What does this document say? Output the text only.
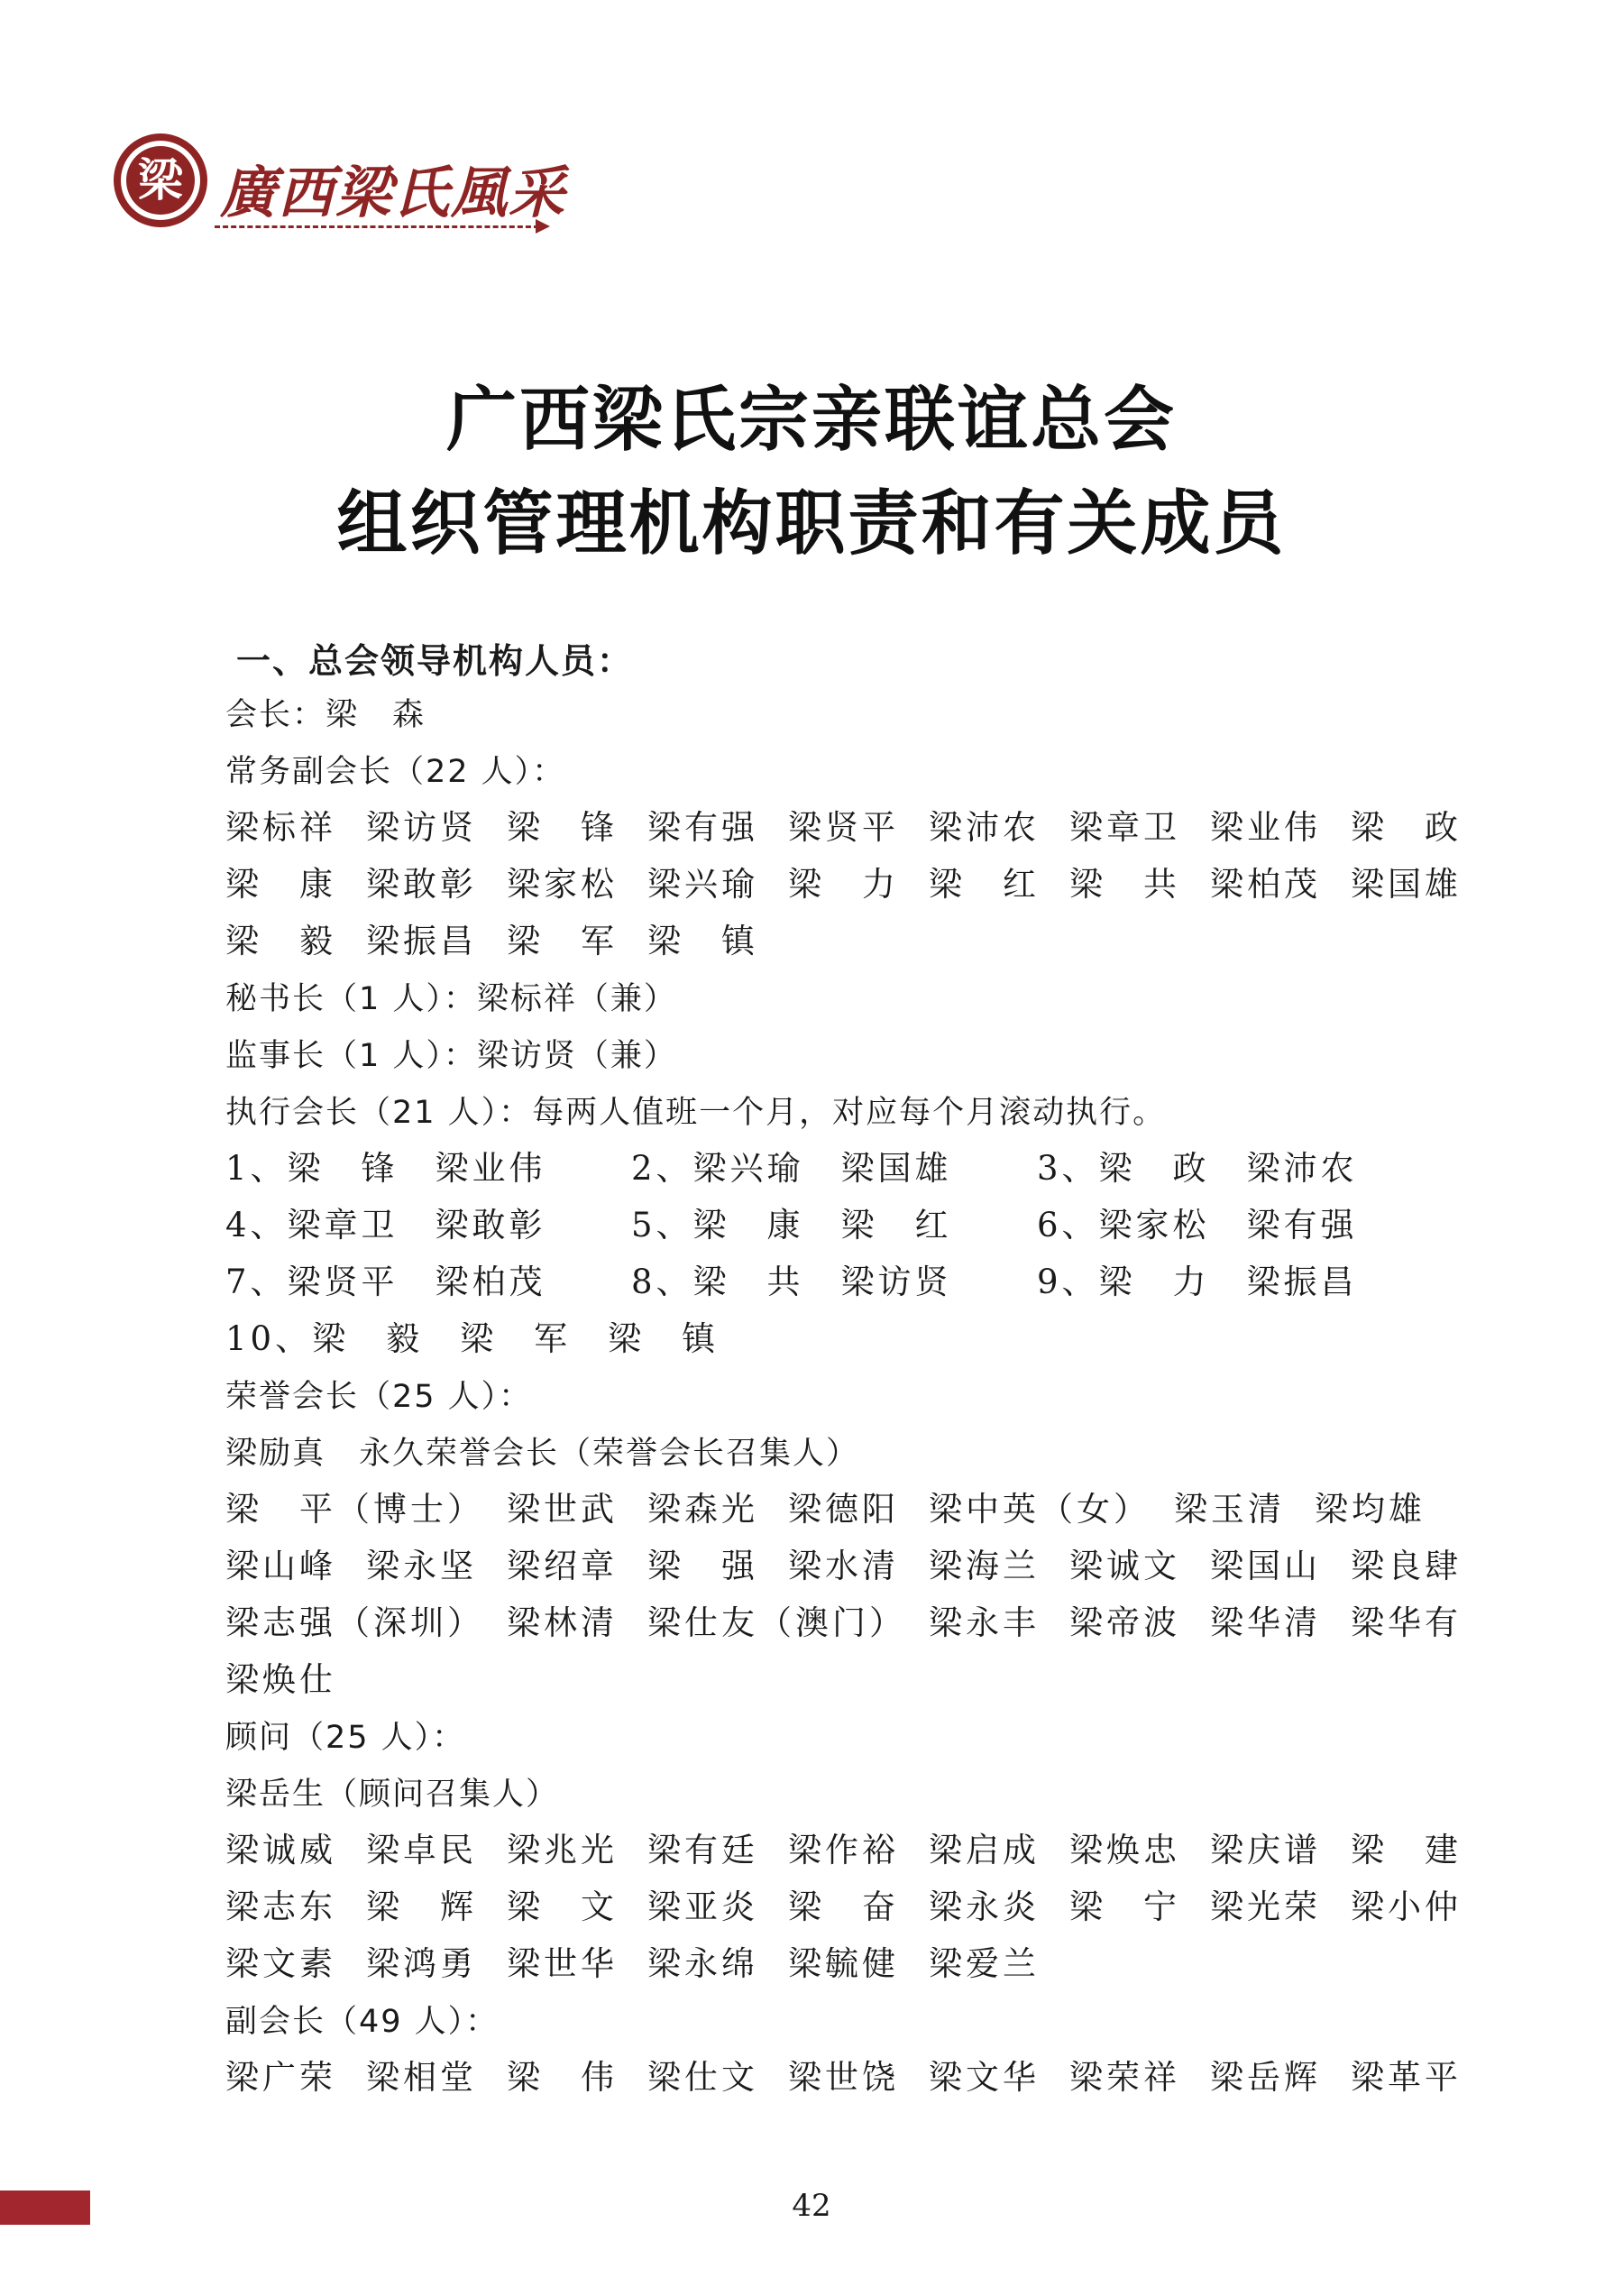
梁 廣西梁氏風采
广西梁氏宗亲联谊总会
组织管理机构职责和有关成员
一、总会领导机构人员：
会长：梁　森
常务副会长（22 人）：
梁标祥 梁访贤 梁　锋 梁有强 梁贤平 梁沛农 梁章卫 梁业伟 梁　政
梁　康 梁敢彰 梁家松 梁兴瑜 梁　力 梁　红 梁　共 梁柏茂 梁国雄
梁　毅 梁振昌 梁　军 梁　镇
秘书长（1 人）：梁标祥（兼）
监事长（1 人）：梁访贤（兼）
执行会长（21 人）：每两人值班一个月，对应每个月滚动执行。
1、梁　锋　梁业伟	2、梁兴瑜　梁国雄	3、梁　政　梁沛农
4、梁章卫　梁敢彰	5、梁　康　梁　红	6、梁家松　梁有强
7、梁贤平　梁柏茂	8、梁　共　梁访贤	9、梁　力　梁振昌
10、梁　毅　梁　军　梁　镇
荣誉会长（25 人）：
梁励真　永久荣誉会长（荣誉会长召集人）
梁　平（博士） 梁世武 梁森光 梁德阳 梁中英（女） 梁玉清 梁均雄
梁山峰 梁永坚 梁绍章 梁　强 梁水清 梁海兰 梁诚文 梁国山 梁良肆
梁志强（深圳） 梁林清 梁仕友（澳门） 梁永丰 梁帝波 梁华清 梁华有
梁焕仕
顾问（25 人）：
梁岳生（顾问召集人）
梁诚威 梁卓民 梁兆光 梁有廷 梁作裕 梁启成 梁焕忠 梁庆谱 梁　建
梁志东 梁　辉 梁　文 梁亚炎 梁　奋 梁永炎 梁　宁 梁光荣 梁小仲
梁文素 梁鸿勇 梁世华 梁永绵 梁毓健 梁爱兰
副会长（49 人）：
梁广荣 梁相堂 梁　伟 梁仕文 梁世饶 梁文华 梁荣祥 梁岳辉 梁革平
42
